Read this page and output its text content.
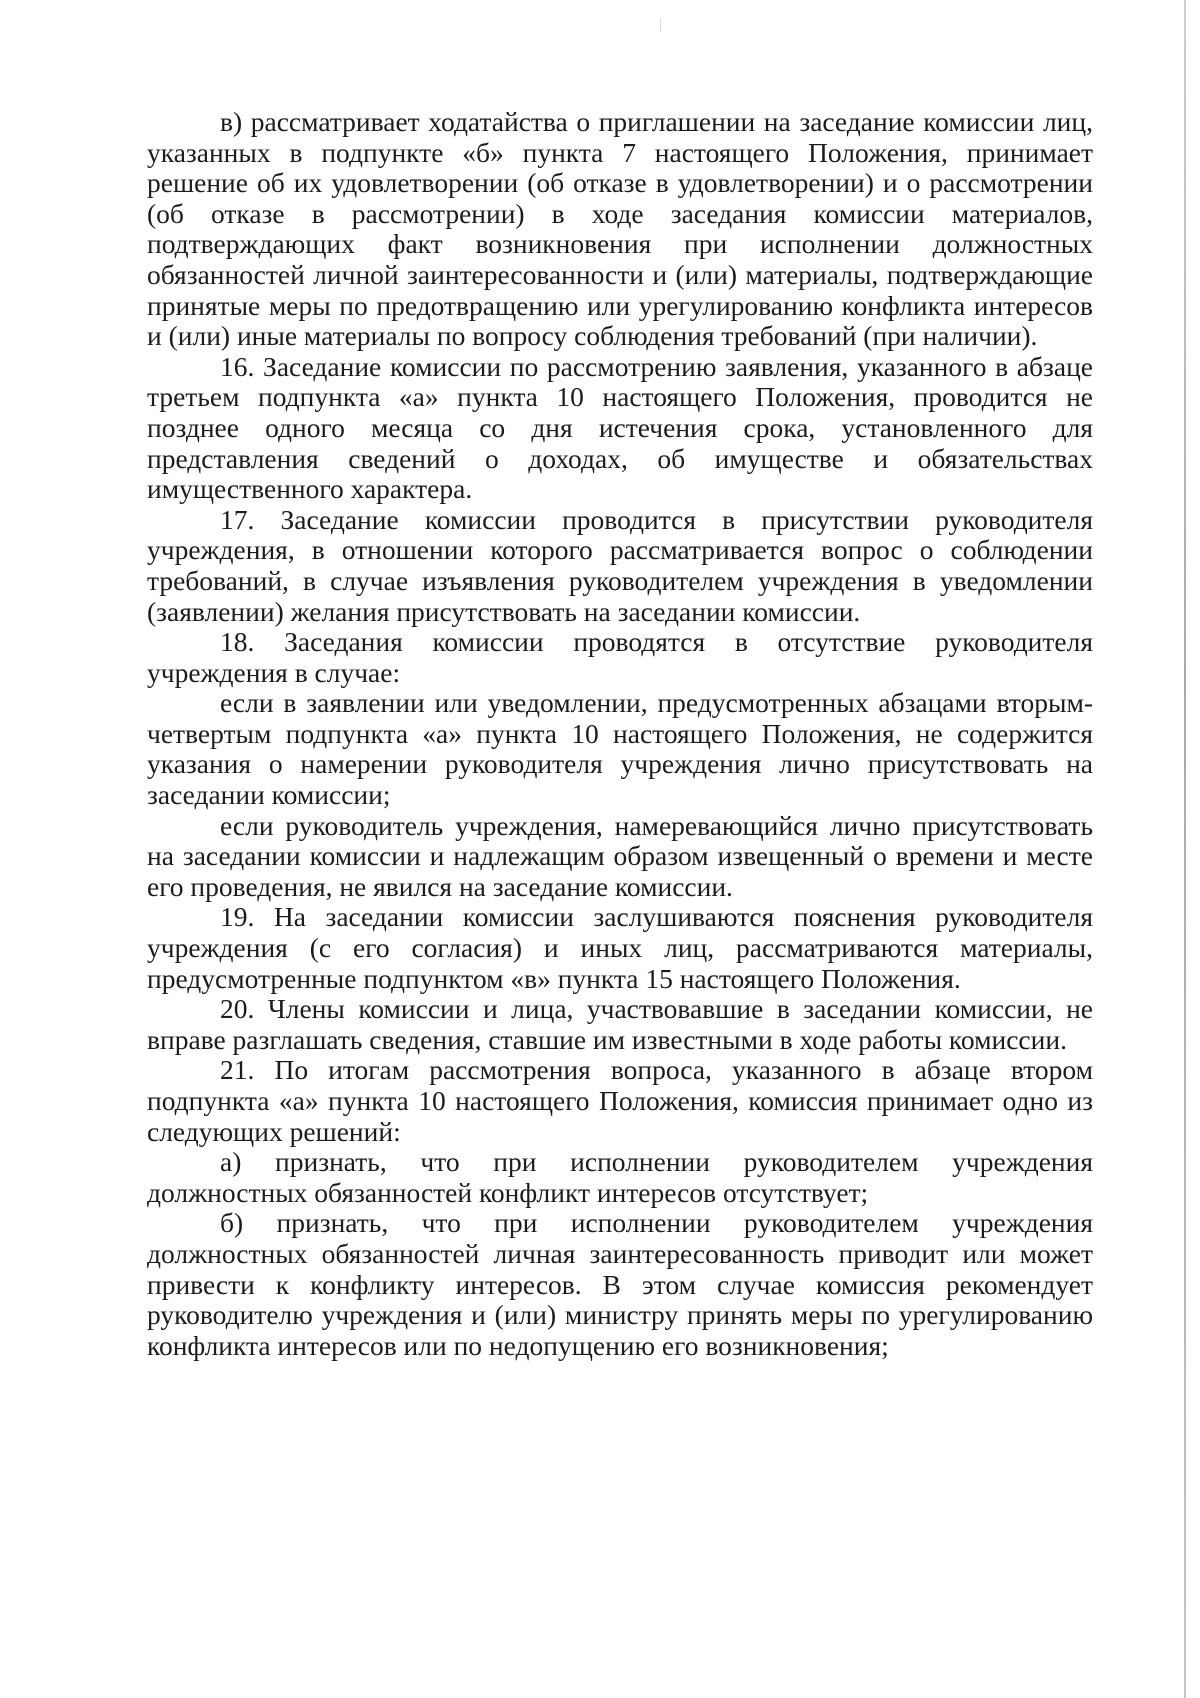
в) рассматривает ходатайства о приглашении на заседание комиссии лиц, указанных в подпункте «б» пункта 7 настоящего Положения, принимает решение об их удовлетворении (об отказе в удовлетворении) и о рассмотрении (об отказе в рассмотрении) в ходе заседания комиссии материалов, подтверждающих факт возникновения при исполнении должностных обязанностей личной заинтересованности и (или) материалы, подтверждающие принятые меры по предотвращению или урегулированию конфликта интересов и (или) иные материалы по вопросу соблюдения требований (при наличии).

16. Заседание комиссии по рассмотрению заявления, указанного в абзаце третьем подпункта «а» пункта 10 настоящего Положения, проводится не позднее одного месяца со дня истечения срока, установленного для представления сведений о доходах, об имуществе и обязательствах имущественного характера.

17. Заседание комиссии проводится в присутствии руководителя учреждения, в отношении которого рассматривается вопрос о соблюдении требований, в случае изъявления руководителем учреждения в уведомлении (заявлении) желания присутствовать на заседании комиссии.

18. Заседания комиссии проводятся в отсутствие руководителя учреждения в случае:

если в заявлении или уведомлении, предусмотренных абзацами вторым-четвертым подпункта «а» пункта 10 настоящего Положения, не содержится указания о намерении руководителя учреждения лично присутствовать на заседании комиссии;

если руководитель учреждения, намеревающийся лично присутствовать на заседании комиссии и надлежащим образом извещенный о времени и месте его проведения, не явился на заседание комиссии.

19. На заседании комиссии заслушиваются пояснения руководителя учреждения (с его согласия) и иных лиц, рассматриваются материалы, предусмотренные подпунктом «в» пункта 15 настоящего Положения.

20. Члены комиссии и лица, участвовавшие в заседании комиссии, не вправе разглашать сведения, ставшие им известными в ходе работы комиссии.

21. По итогам рассмотрения вопроса, указанного в абзаце втором подпункта «а» пункта 10 настоящего Положения, комиссия принимает одно из следующих решений:

а) признать, что при исполнении руководителем учреждения должностных обязанностей конфликт интересов отсутствует;

б) признать, что при исполнении руководителем учреждения должностных обязанностей личная заинтересованность приводит или может привести к конфликту интересов. В этом случае комиссия рекомендует руководителю учреждения и (или) министру принять меры по урегулированию конфликта интересов или по недопущению его возникновения;
